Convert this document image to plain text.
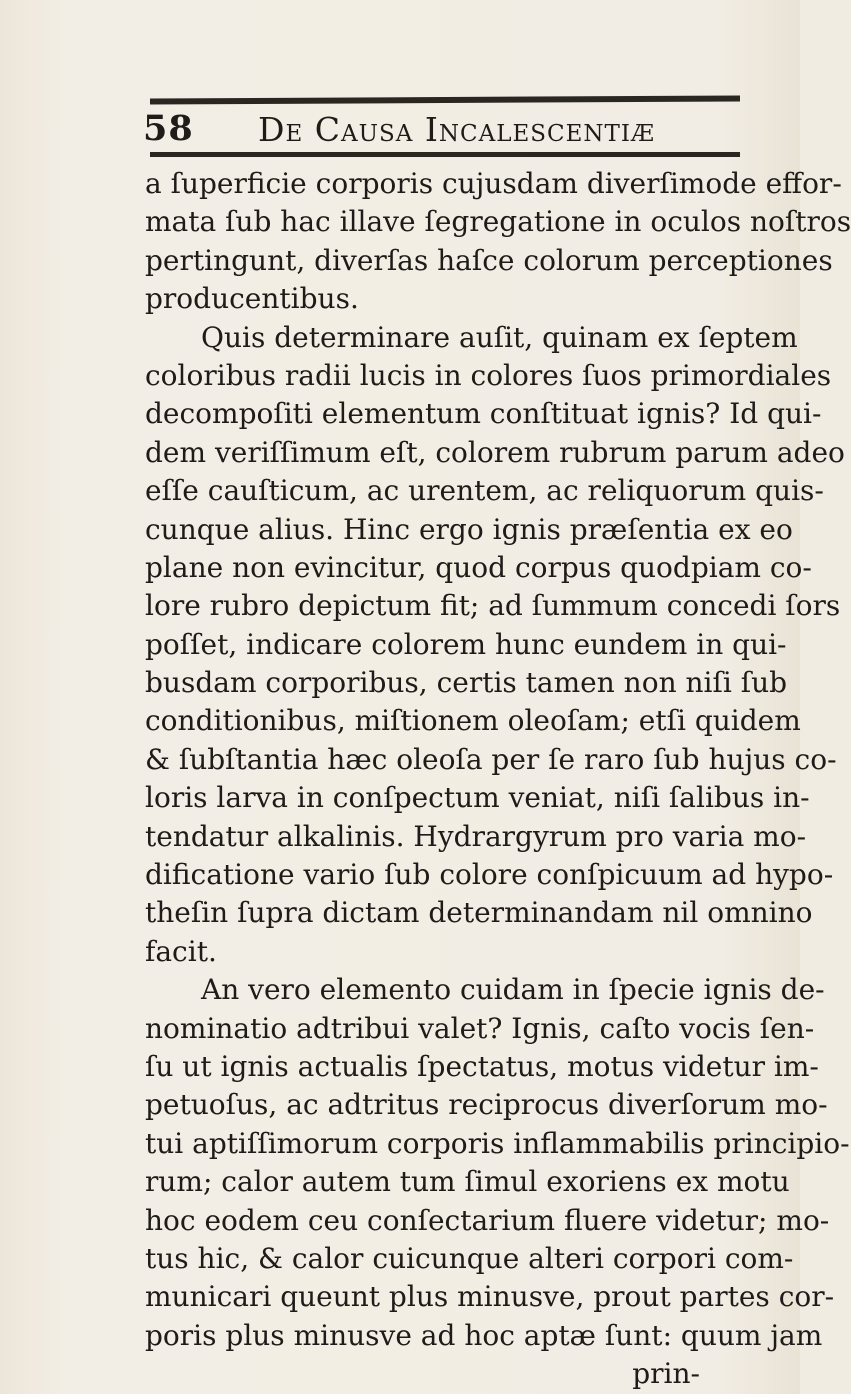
58 De Causa Incalescentiæ

a ſuperficie corporis cujusdam diverſimode effor-
mata ſub hac illave ſegregatione in oculos noſtros
pertingunt, diverſas haſce colorum perceptiones
producentibus.
Quis determinare auſit, quinam ex ſeptem
coloribus radii lucis in colores ſuos primordiales
decompoſiti elementum conſtituat ignis? Id qui-
dem veriſſimum eſt, colorem rubrum parum adeo
eſſe cauſticum, ac urentem, ac reliquorum quis-
cunque alius. Hinc ergo ignis præſentia ex eo
plane non evincitur, quod corpus quodpiam co-
lore rubro depictum fit; ad ſummum concedi ſors
poſſet, indicare colorem hunc eundem in qui-
busdam corporibus, certis tamen non niſi ſub
conditionibus, miſtionem oleoſam; etſi quidem
& ſubſtantia hæc oleoſa per ſe raro ſub hujus co-
loris larva in conſpectum veniat, niſi ſalibus in-
tendatur alkalinis. Hydrargyrum pro varia mo-
dificatione vario ſub colore conſpicuum ad hypo-
theſin ſupra dictam determinandam nil omnino
facit.
An vero elemento cuidam in ſpecie ignis de-
nominatio adtribui valet? Ignis, caſto vocis ſen-
ſu ut ignis actualis ſpectatus, motus videtur im-
petuoſus, ac adtritus reciprocus diverſorum mo-
tui aptiſſimorum corporis inflammabilis principio-
rum; calor autem tum ſimul exoriens ex motu
hoc eodem ceu conſectarium fluere videtur; mo-
tus hic, & calor cuicunque alteri corpori com-
municari queunt plus minusve, prout partes cor-
poris plus minusve ad hoc aptæ ſunt: quum jam
prin-
